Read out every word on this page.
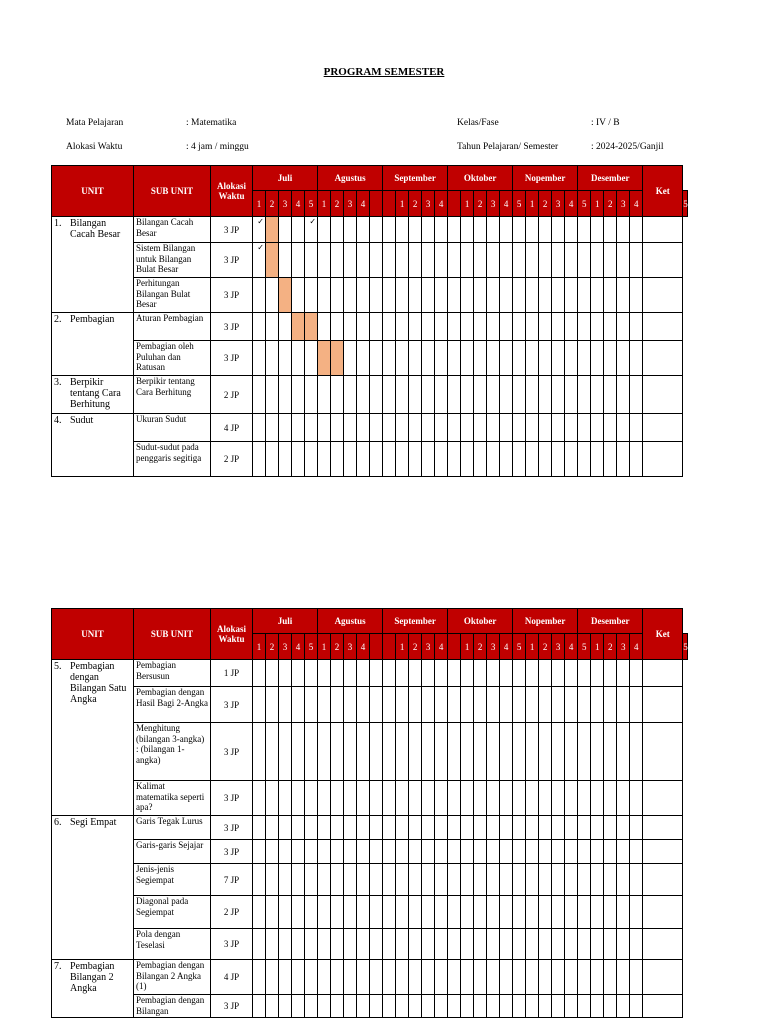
PROGRAM SEMESTER
Mata Pelajaran	: Matematika
Alokasi Waktu	: 4 jam / minggu
Kelas/Fase	: IV / B
Tahun Pelajaran/ Semester	: 2024-2025/Ganjil
UNIT	SUB UNIT	Alokasi Waktu	Juli					Agustus					September					Oktober					Nopember					Desember					Ket	
			1	2	3	4	5	1	2	3	4			1	2	3	4		1	2	3	4	5	1	2	3	4	5	1	2	3	4		5

1. Bilangan Cacah Besar	Bilangan Cacah Besar	3 JP	✓				✓																											

	Sistem Bilangan untuk Bilangan Bulat Besar	3 JP	✓																															

	Perhitungan Bilangan Bulat Besar	3 JP																																

2. Pembagian	Aturan Pembagian	3 JP																																
	Pembagian oleh Puluhan dan Ratusan	3 JP																																

3. Berpikir tentang Cara Berhitung	Berpikir tentang Cara Berhitung	2 JP																																

4. Sudut	Ukuran Sudut	4 JP																																
	Sudut-sudut pada penggaris segitiga	2 JP																																
UNIT	SUB UNIT	Alokasi Waktu	Juli					Agustus					September					Oktober					Nopember					Desember					Ket	
			1	2	3	4	5	1	2	3	4			1	2	3	4		1	2	3	4	5	1	2	3	4	5	1	2	3	4		5

5. Pembagian dengan Bilangan Satu Angka	Pembagian Bersusun	1 JP																																
	Pembagian dengan Hasil Bagi 2-Angka	3 JP																																
	Menghitung (bilangan 3-angka) : (bilangan 1-angka)	3 JP																																
	Kalimat matematika seperti apa?	3 JP																																

6. Segi Empat	Garis Tegak Lurus	3 JP																																
	Garis-garis Sejajar	3 JP																																
	Jenis-jenis Segiempat	7 JP																																
	Diagonal pada Segiempat	2 JP																																
	Pola dengan Teselasi	3 JP																																

7. Pembagian Bilangan 2 Angka	Pembagian dengan Bilangan 2 Angka (1)	4 JP																																
	Pembagian dengan Bilangan	3 JP																																
